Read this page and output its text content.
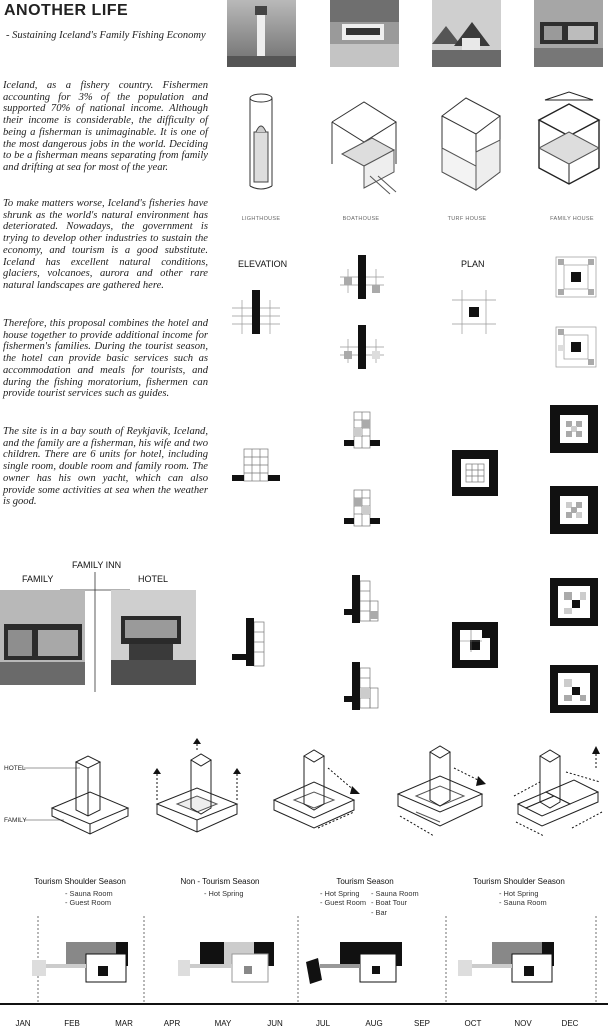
ANOTHER LIFE
- Sustaining Iceland's Family Fishing Economy
Iceland, as a fishery country. Fishermen accounting for 3% of the population and supported 70% of national income. Although their income is considerable, the difficulty of being a fisherman is unimaginable. It is one of the most dangerous jobs in the world. Deciding to be a fisherman means separating from family and drifting at sea for most of the year.
To make matters worse, Iceland's fisheries have shrunk as the world's natural environment has deteriorated. Nowadays, the government is trying to develop other industries to sustain the economy, and tourism is a good substitute. Iceland has excellent natural conditions, glaciers, volcanoes, aurora and other rare natural landscapes are gathered here.
Therefore, this proposal combines the hotel and house together to provide additional income for fishermen's families. During the tourist season, the hotel can provide basic services such as accommodation and meals for tourists, and during the fishing moratorium, fishermen can provide tourist services such as guides.
The site is in a bay south of Reykjavik, Iceland, and the family are a fisherman, his wife and two children. There are 6 units for hotel, including single room, double room and family room. The owner has his own yacht, which can also provide some activities at sea when the weather is good.
LIGHTHOUSE	BOATHOUSE	TURF HOUSE	FAMILY HOUSE
ELEVATION	PLAN
FAMILY INN
FAMILY	HOTEL
HOTEL
FAMILY
Tourism Shoulder Season
- Sauna Room
- Guest Room
Non - Tourism Season
- Hot Spring
Tourism Season
- Hot Spring
- Guest Room
- Sauna Room
- Boat Tour
- Bar
Tourism Shoulder Season
- Hot Spring
- Sauna Room
JAN	FEB	MAR	APR	MAY	JUN	JUL	AUG	SEP	OCT	NOV	DEC
